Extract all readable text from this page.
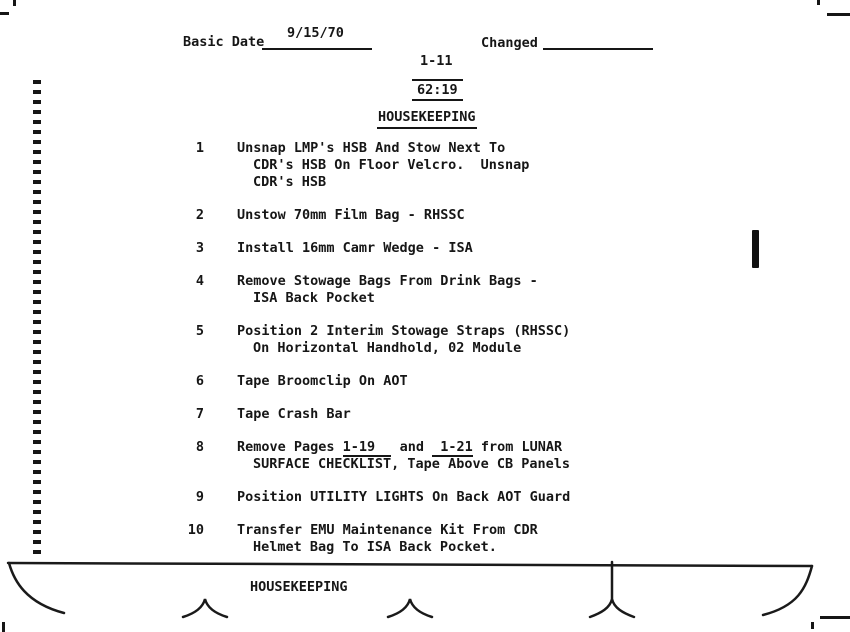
Basic Date
9/15/70
Changed
1-11
62:19
HOUSEKEEPING
1 Unsnap LMP's HSB And Stow Next To
CDR's HSB On Floor Velcro.  Unsnap
CDR's HSB
2 Unstow 70mm Film Bag - RHSSC
3 Install 16mm Camr Wedge - ISA
4 Remove Stowage Bags From Drink Bags -
ISA Back Pocket
5 Position 2 Interim Stowage Straps (RHSSC)
On Horizontal Handhold, 02 Module
6 Tape Broomclip On AOT
7 Tape Crash Bar
8 Remove Pages 1-19   and  1-21 from LUNAR
SURFACE CHECKLIST, Tape Above CB Panels
9 Position UTILITY LIGHTS On Back AOT Guard
10 Transfer EMU Maintenance Kit From CDR
Helmet Bag To ISA Back Pocket.
HOUSEKEEPING
